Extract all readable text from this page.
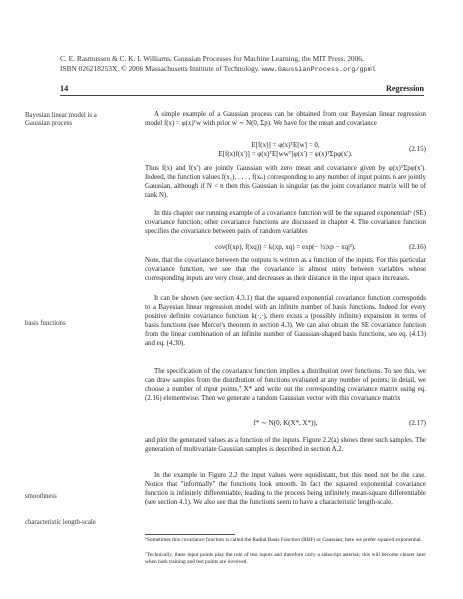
C. E. Rasmussen & C. K. I. Williams, Gaussian Processes for Machine Learning, the MIT Press, 2006,
ISBN 026218253X. © 2006 Massachusetts Institute of Technology. www.GaussianProcess.org/gpml
14	Regression
Bayesian linear model is a Gaussian process
basis functions
smoothness
characteristic length-scale

A simple example of a Gaussian process can be obtained from our Bayesian linear regression model f(x) = φ(x)ᵀw with prior w ∼ N(0, Σp). We have for the mean and covariance

E[f(x)] = φ(x)ᵀE[w] = 0,
E[f(x)f(x′)] = φ(x)ᵀE[wwᵀ]φ(x′) = φ(x)ᵀΣpφ(x′).
(2.15)

Thus f(x) and f(x′) are jointly Gaussian with zero mean and covariance given by φ(x)ᵀΣpφ(x′). Indeed, the function values f(x₁), . . . , f(xₙ) corresponding to any number of input points n are jointly Gaussian, although if N < n then this Gaussian is singular (as the joint covariance matrix will be of rank N).

In this chapter our running example of a covariance function will be the squared exponential⁶ (SE) covariance function; other covariance functions are discussed in chapter 4. The covariance function specifies the covariance between pairs of random variables

cov(f(xp), f(xq)) = k(xp, xq) = exp(− ½|xp − xq|²).	(2.16)

Note, that the covariance between the outputs is written as a function of the inputs. For this particular covariance function, we see that the covariance is almost unity between variables whose corresponding inputs are very close, and decreases as their distance in the input space increases.

It can be shown (see section 4.3.1) that the squared exponential covariance function corresponds to a Bayesian linear regression model with an infinite number of basis functions. Indeed for every positive definite covariance function k(·,·), there exists a (possibly infinite) expansion in terms of basis functions (see Mercer's theorem in section 4.3). We can also obtain the SE covariance function from the linear combination of an infinite number of Gaussian-shaped basis functions, see eq. (4.13) and eq. (4.30).

The specification of the covariance function implies a distribution over functions. To see this, we can draw samples from the distribution of functions evaluated at any number of points; in detail, we choose a number of input points,⁷ X* and write out the corresponding covariance matrix using eq. (2.16) elementwise. Then we generate a random Gaussian vector with this covariance matrix

f* ∼ N(0, K(X*, X*)),	(2.17)

and plot the generated values as a function of the inputs. Figure 2.2(a) shows three such samples. The generation of multivariate Gaussian samples is described in section A.2.

In the example in Figure 2.2 the input values were equidistant, but this need not be the case. Notice that "informally" the functions look smooth. In fact the squared exponential covariance function is infinitely differentiable, leading to the process being infinitely mean-square differentiable (see section 4.1). We also see that the functions seem to have a characteristic length-scale,

⁶Sometimes this covariance function is called the Radial Basis Function (RBF) or Gaussian; here we prefer squared exponential.
⁷Technically, these input points play the role of test inputs and therefore carry a subscript asterisk; this will become clearer later when both training and test points are involved.
